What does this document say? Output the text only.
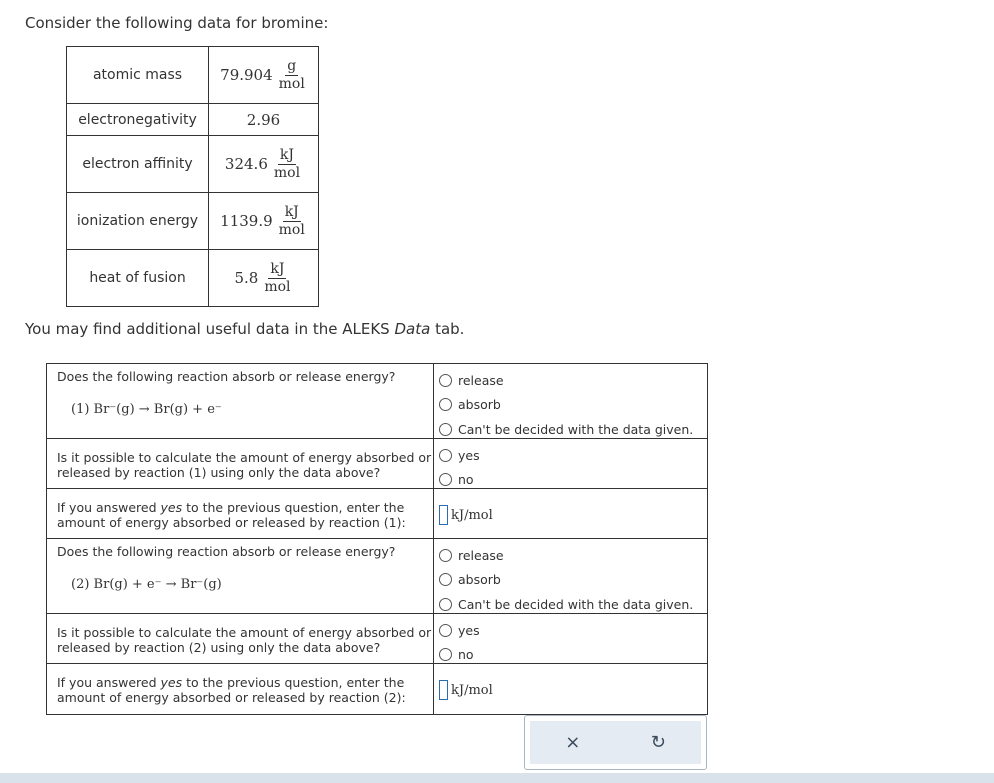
Consider the following data for bromine:
atomic mass	$79.904 \frac{g}{\text{mol}}$

electronegativity	2.96
electron affinity	$324.6 \frac{kJ}{\text{mol}}$

ionization energy	$1139.9 \frac{kJ}{\text{mol}}$

heat of fusion	$5.8 \frac{kJ}{\text{mol}}$
You may find additional useful data in the ALEKS Data tab.
Does the following reaction absorb or release energy?
(1) Br⁻(g) → Br(g) + e⁻
release
absorb
Can't be decided with the data given.
Is it possible to calculate the amount of energy absorbed or released by reaction (1) using only the data above?
yes
no
If you answered yes to the previous question, enter the amount of energy absorbed or released by reaction (1):	kJ/mol
Does the following reaction absorb or release energy?
(2) Br(g) + e⁻ → Br⁻(g)
release
absorb
Can't be decided with the data given.
Is it possible to calculate the amount of energy absorbed or released by reaction (2) using only the data above?
yes
no
If you answered yes to the previous question, enter the amount of energy absorbed or released by reaction (2):	kJ/mol
×	↻
